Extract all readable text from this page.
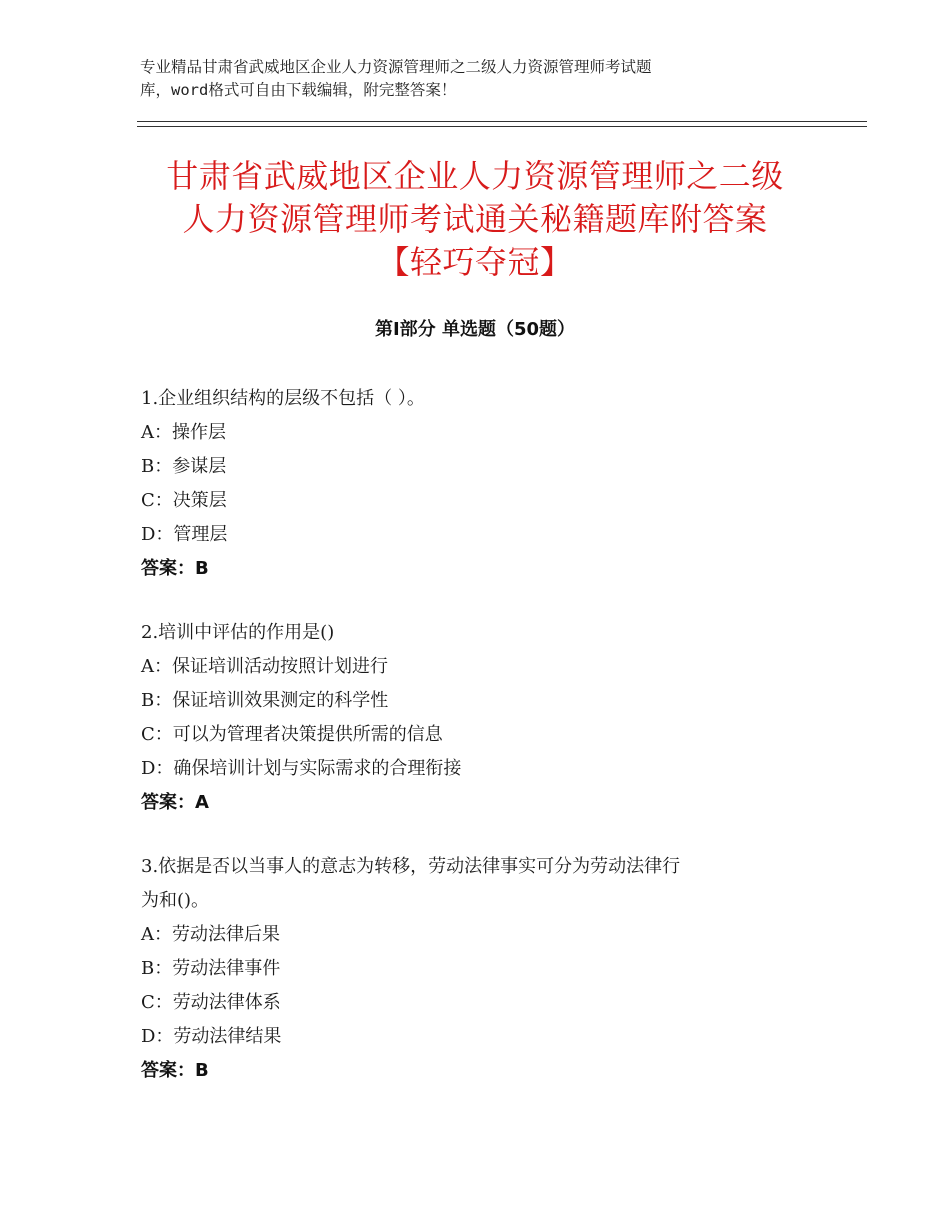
专业精品甘肃省武威地区企业人力资源管理师之二级人力资源管理师考试题
库，word格式可自由下载编辑，附完整答案！
甘肃省武威地区企业人力资源管理师之二级
人力资源管理师考试通关秘籍题库附答案
【轻巧夺冠】
第Ⅰ部分 单选题（50题）
1.企业组织结构的层级不包括（ ）。
A：操作层
B：参谋层
C：决策层
D：管理层
答案：B
2.培训中评估的作用是()
A：保证培训活动按照计划进行
B：保证培训效果测定的科学性
C：可以为管理者决策提供所需的信息
D：确保培训计划与实际需求的合理衔接
答案：A
3.依据是否以当事人的意志为转移，劳动法律事实可分为劳动法律行
为和()。
A：劳动法律后果
B：劳动法律事件
C：劳动法律体系
D：劳动法律结果
答案：B
